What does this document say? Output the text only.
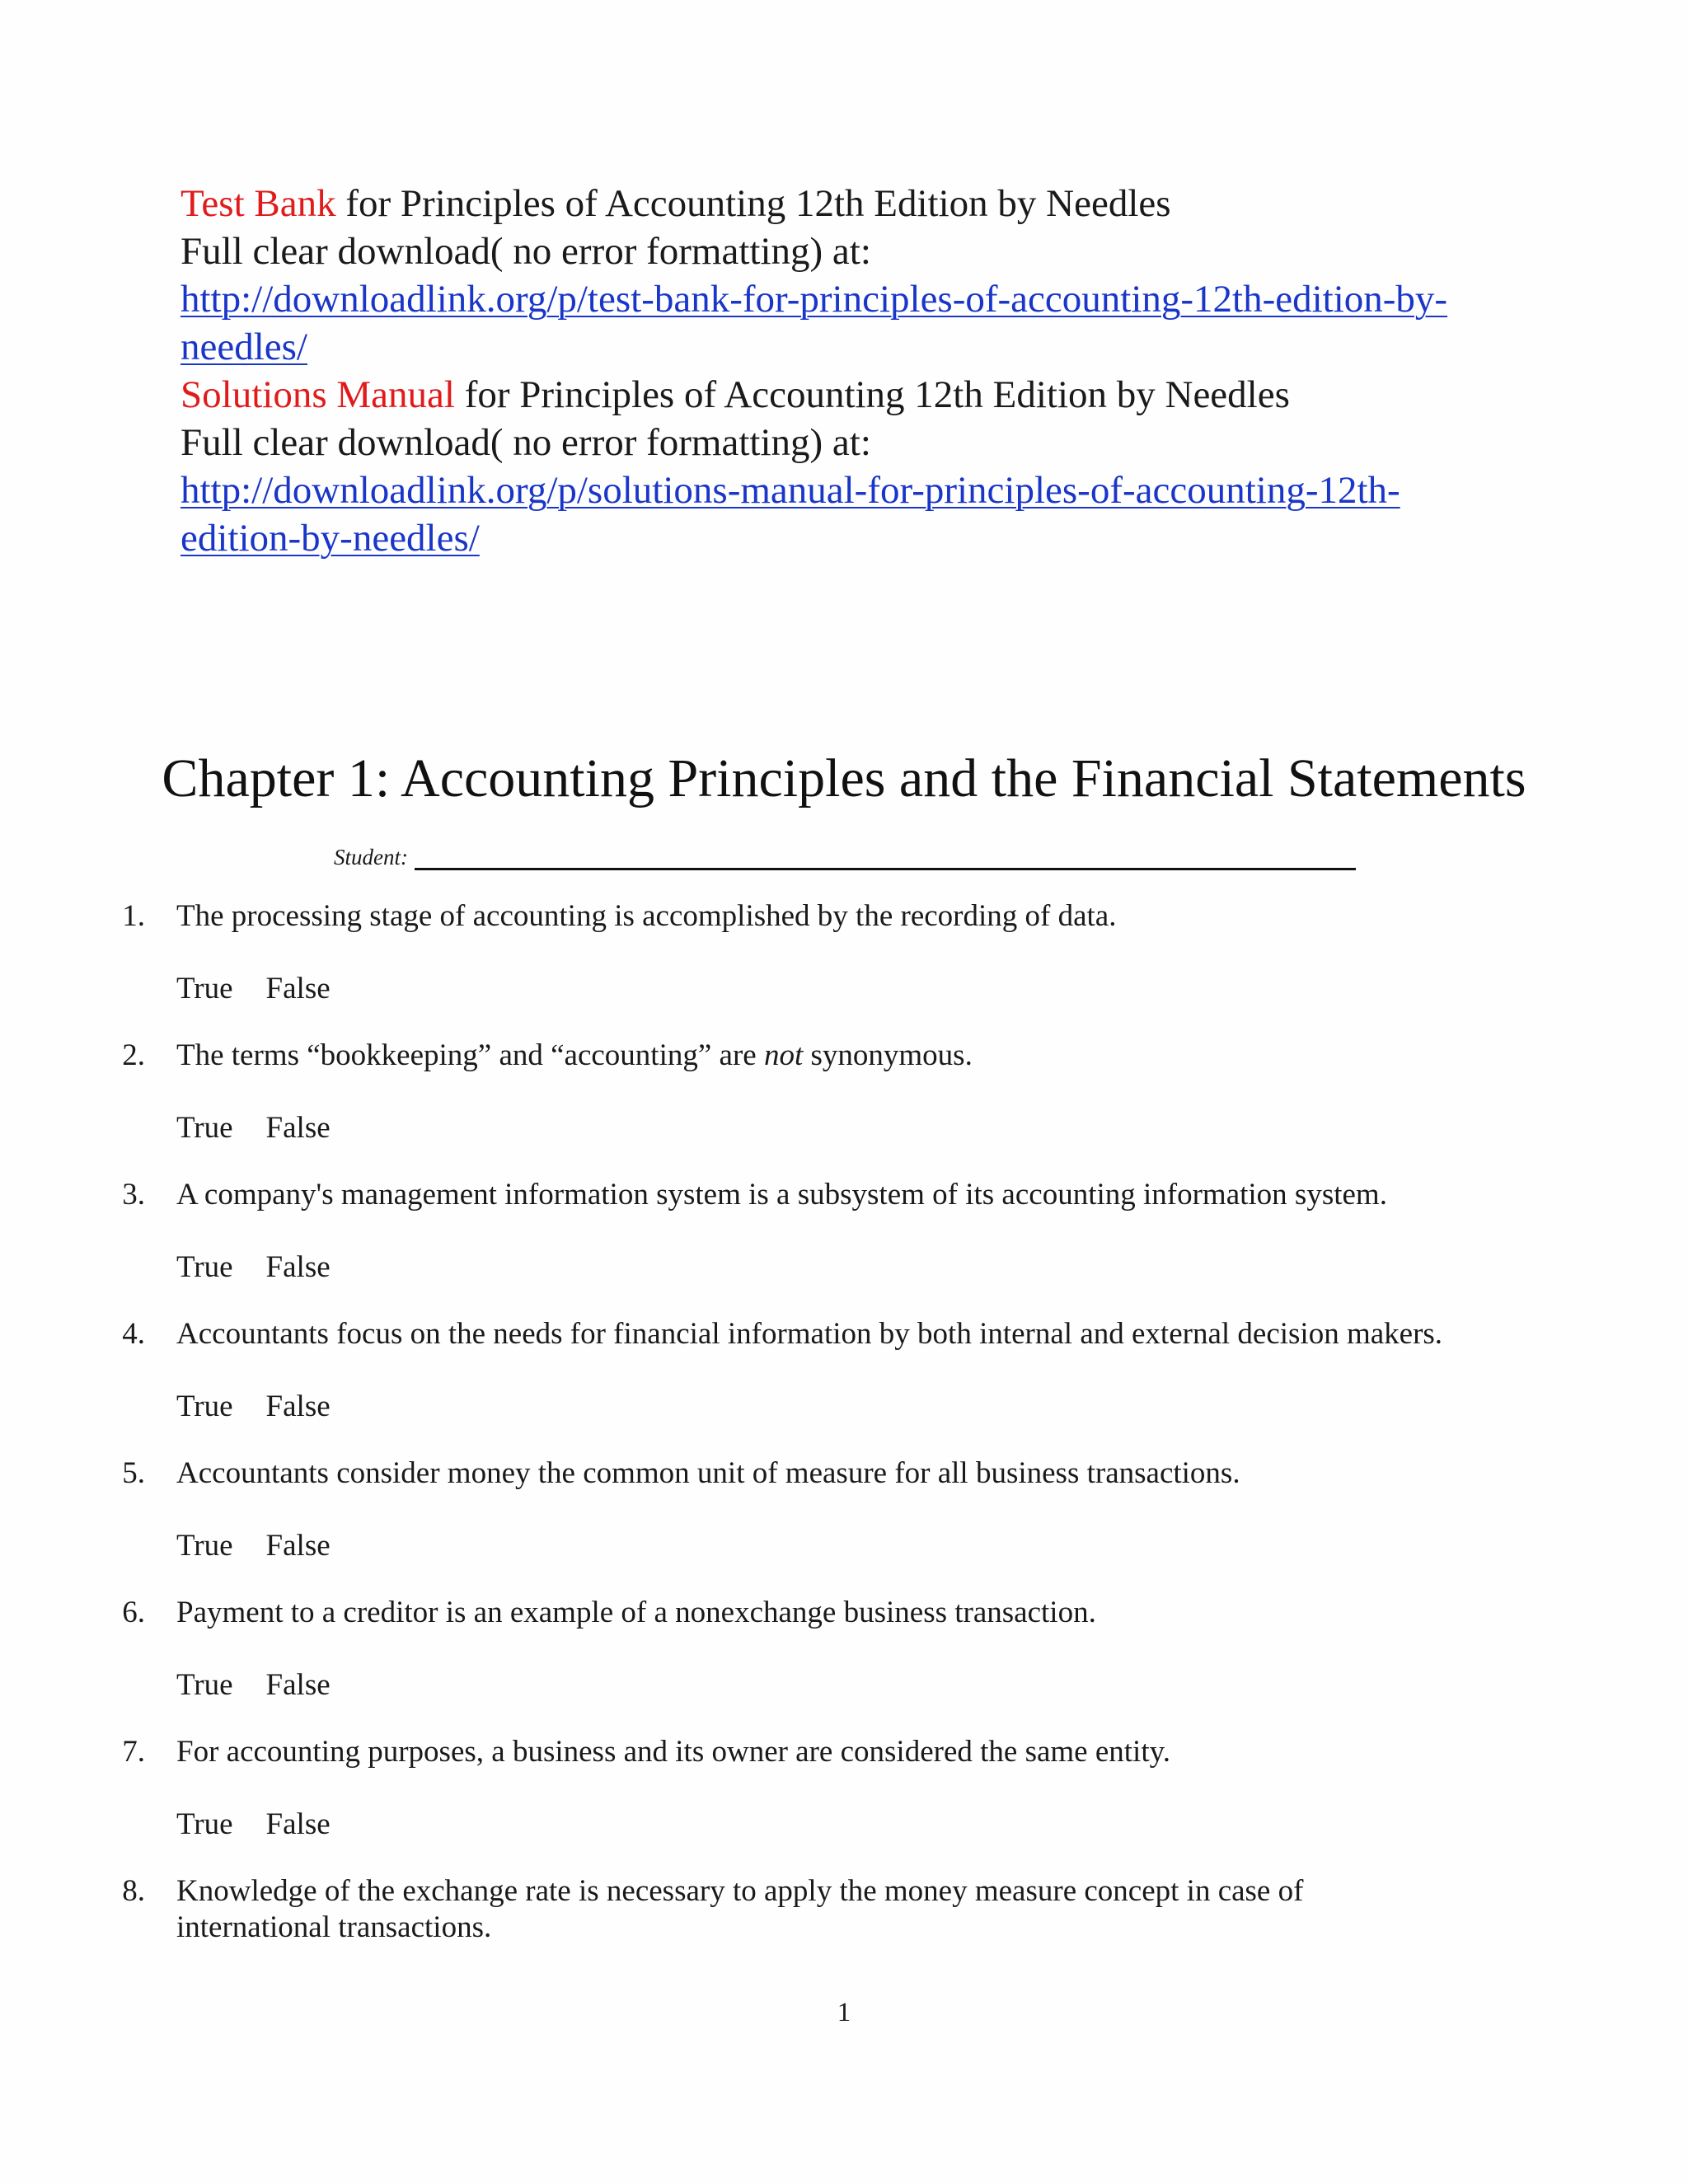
Test Bank for Principles of Accounting 12th Edition by Needles
Full clear download( no error formatting) at:
http://downloadlink.org/p/test-bank-for-principles-of-accounting-12th-edition-by-
needles/
Solutions Manual for Principles of Accounting 12th Edition by Needles
Full clear download( no error formatting) at:
http://downloadlink.org/p/solutions-manual-for-principles-of-accounting-12th-
edition-by-needles/
Chapter 1: Accounting Principles and the Financial Statements
Student:
1. The processing stage of accounting is accomplished by the recording of data.
True False
2. The terms “bookkeeping” and “accounting” are not synonymous.
True False
3. A company's management information system is a subsystem of its accounting information system.
True False
4. Accountants focus on the needs for financial information by both internal and external decision makers.
True False
5. Accountants consider money the common unit of measure for all business transactions.
True False
6. Payment to a creditor is an example of a nonexchange business transaction.
True False
7. For accounting purposes, a business and its owner are considered the same entity.
True False
8. Knowledge of the exchange rate is necessary to apply the money measure concept in case of
international transactions.
1
